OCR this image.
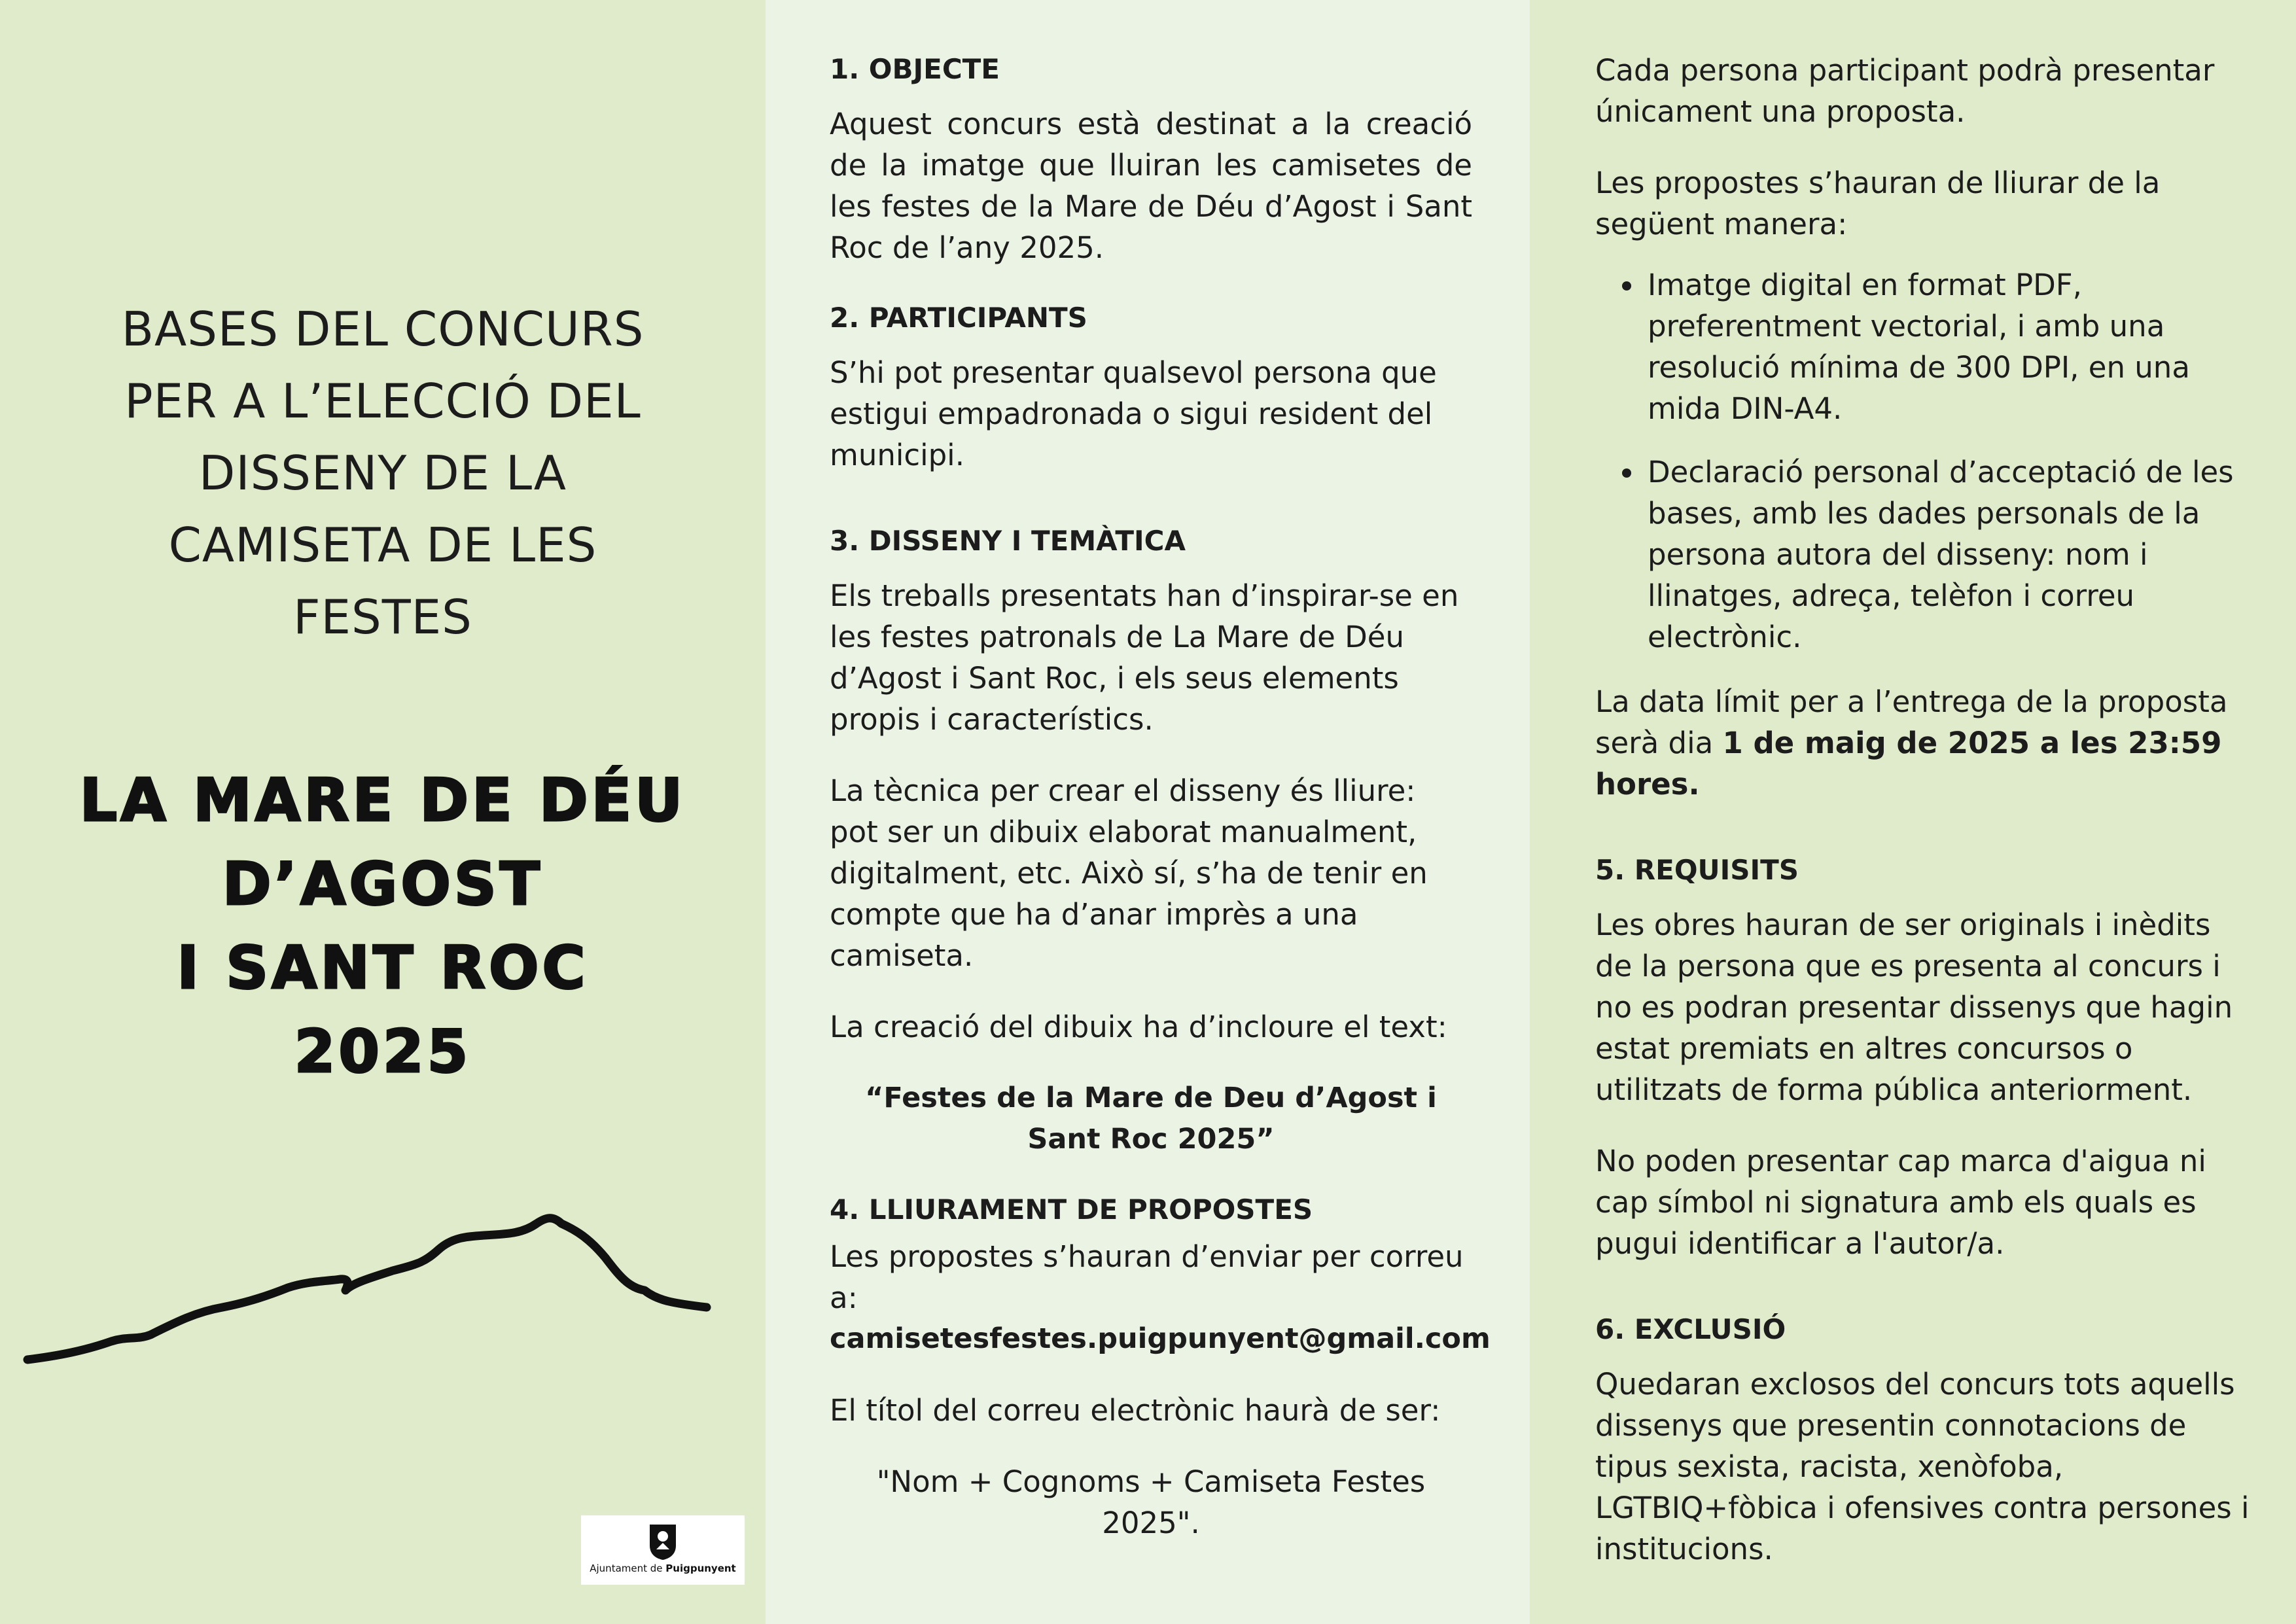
BASES DEL CONCURS
PER A L’ELECCIÓ DEL
DISSENY DE LA
CAMISETA DE LES
FESTES
LA MARE DE DÉU
D’AGOST
I SANT ROC
2025
Ajuntament de Puigpunyent

1. OBJECTE

Aquest concurs està destinat a la creació de la imatge que lluiran les camisetes de les festes de la Mare de Déu d’Agost i Sant Roc de l’any 2025.

2. PARTICIPANTS

S’hi pot presentar qualsevol persona que estigui empadronada o sigui resident del municipi.

3. DISSENY I TEMÀTICA

Els treballs presentats han d’inspirar-se en les festes patronals de La Mare de Déu d’Agost i Sant Roc, i els seus elements propis i característics.

La tècnica per crear el disseny és lliure: pot ser un dibuix elaborat manualment, digitalment, etc. Això sí, s’ha de tenir en compte que ha d’anar imprès a una camiseta.

La creació del dibuix ha d’incloure el text:

“Festes de la Mare de Deu d’Agost i Sant Roc 2025”

4. LLIURAMENT DE PROPOSTES

Les propostes s’hauran d’enviar per correu a:

camisetesfestes.puigpunyent@gmail.com

El títol del correu electrònic haurà de ser:

"Nom + Cognoms + Camiseta Festes 2025".

Cada persona participant podrà presentar únicament una proposta.

Les propostes s’hauran de lliurar de la següent manera:

• Imatge digital en format PDF, preferentment vectorial, i amb una resolució mínima de 300 DPI, en una mida DIN-A4.
• Declaració personal d’acceptació de les bases, amb les dades personals de la persona autora del disseny: nom i llinatges, adreça, telèfon i correu electrònic.

La data límit per a l’entrega de la proposta serà dia 1 de maig de 2025 a les 23:59 hores.

5. REQUISITS

Les obres hauran de ser originals i inèdits de la persona que es presenta al concurs i no es podran presentar dissenys que hagin estat premiats en altres concursos o utilitzats de forma pública anteriorment.

No poden presentar cap marca d'aigua ni cap símbol ni signatura amb els quals es pugui identificar a l'autor/a.

6. EXCLUSIÓ

Quedaran exclosos del concurs tots aquells dissenys que presentin connotacions de tipus sexista, racista, xenòfoba, LGTBIQ+fòbica i ofensives contra persones i institucions.
